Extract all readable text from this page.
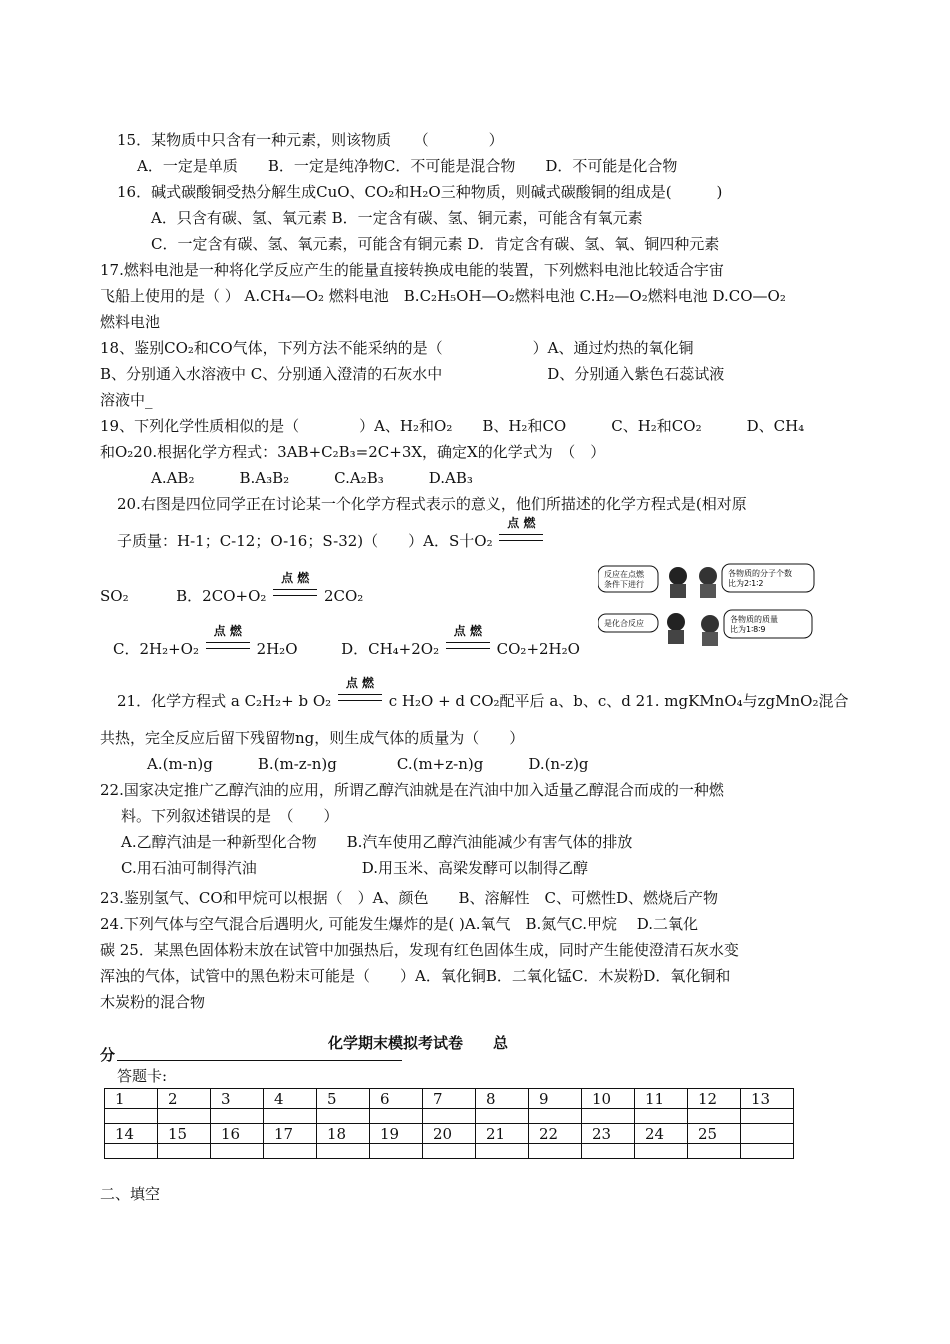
15．某物质中只含有一种元素，则该物质　　（　　　　）
A．一定是单质　　B．一定是纯净物C．不可能是混合物　　D．不可能是化合物
16．碱式碳酸铜受热分解生成CuO、CO₂和H₂O三种物质，则碱式碳酸铜的组成是(　　　)
A．只含有碳、氢、氧元素 B．一定含有碳、氢、铜元素，可能含有氧元素
C．一定含有碳、氢、氧元素，可能含有铜元素 D．肯定含有碳、氢、氧、铜四种元素
17.燃料电池是一种将化学反应产生的能量直接转换成电能的装置，下列燃料电池比较适合宇宙
飞船上使用的是（ ） A.CH₄—O₂ 燃料电池　B.C₂H₅OH—O₂燃料电池 C.H₂—O₂燃料电池 D.CO—O₂
燃料电池
18、鉴别CO₂和CO气体，下列方法不能采纳的是（　　　　　　）A、通过灼热的氧化铜
B、分别通入水溶液中 C、分别通入澄清的石灰水中　　　　　　　D、分别通入紫色石蕊试液
溶液中_
19、下列化学性质相似的是（　　　　）A、H₂和O₂　　B、H₂和CO　　　C、H₂和CO₂　　　D、CH₄
和O₂20.根据化学方程式：3AB+C₂B₃=2C+3X，确定X的化学式为　（　）
A.AB₂　　　B.A₃B₂　　　C.A₂B₃　　　D.AB₃
20.右图是四位同学正在讨论某一个化学方程式表示的意义，他们所描述的化学方程式是(相对原
子质量：H-1；C-12；O-16；S-32)（　　）A．S十O₂
点 燃
SO₂	B．2CO+O₂
点 燃
2CO₂
反应在点燃 条件下进行
各物质的分子个数 比为2∶1∶2
是化合反应	各物质的质量 比为1∶8∶9
C．2H₂+O₂
点 燃
2H₂O	D．CH₄+2O₂
点 燃
CO₂+2H₂O
21．化学方程式 a C₂H₂+ b O₂
点 燃
c H₂O + d CO₂配平后 a、b、c、d 21. mgKMnO₄与zgMnO₂混合
共热，完全反应后留下残留物ng，则生成气体的质量为（　　）
A.(m-n)g　　　B.(m-z-n)g　　　　C.(m+z-n)g　　　D.(n-z)g
22.国家决定推广乙醇汽油的应用，所谓乙醇汽油就是在汽油中加入适量乙醇混合而成的一种燃
料。下列叙述错误的是　（　　）
A.乙醇汽油是一种新型化合物　　B.汽车使用乙醇汽油能减少有害气体的排放
C.用石油可制得汽油　　　　　　　D.用玉米、高梁发酵可以制得乙醇
23.鉴别氢气、CO和甲烷可以根据（　）A、颜色　　B、溶解性　C、可燃性D、燃烧后产物
24.下列气体与空气混合后遇明火, 可能发生爆炸的是( )A.氧气　B.氮气C.甲烷　 D.二氧化
碳 25．某黑色固体粉末放在试管中加强热后，发现有红色固体生成，同时产生能使澄清石灰水变
浑浊的气体，试管中的黑色粉末可能是（　　）A．氧化铜B．二氧化锰C．木炭粉D．氧化铜和
木炭粉的混合物
化学期末模拟考试卷　　总
分
答题卡:
1	2	3	4	5	6	7	8	9	10	11	12	13

14	15	16	17	18	19	20	21	22	23	24	25	

二、填空
